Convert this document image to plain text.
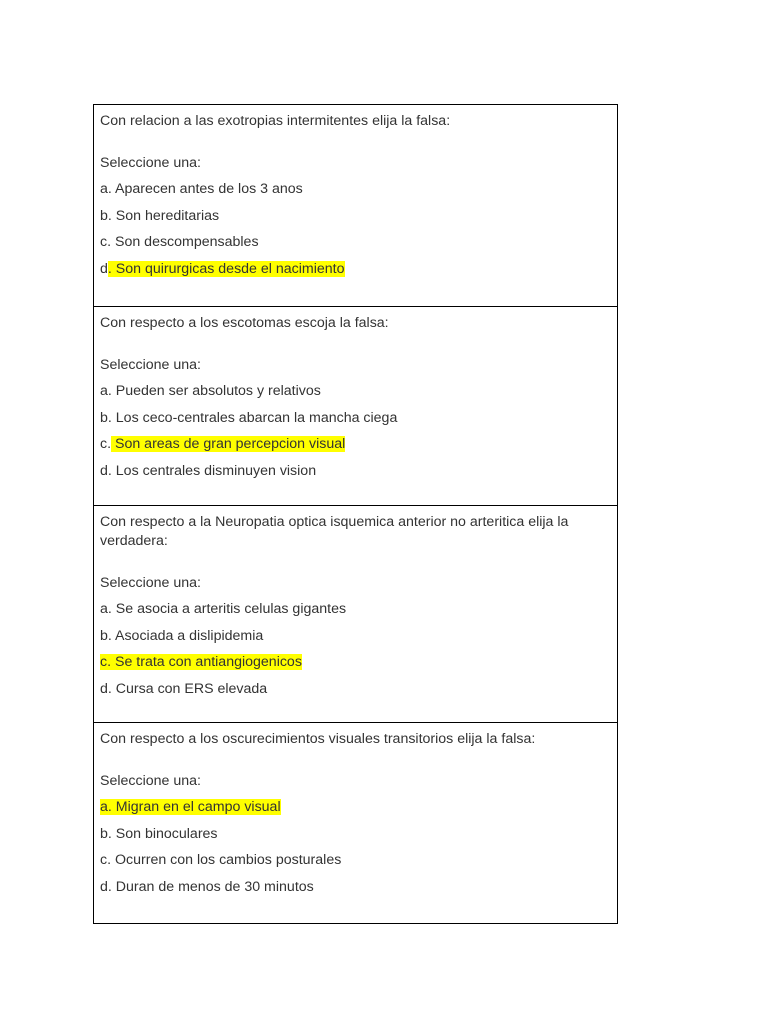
Con relacion a las exotropias intermitentes elija la falsa:

Seleccione una:
a. Aparecen antes de los 3 anos
b. Son hereditarias
c. Son descompensables
d. Son quirurgicas desde el nacimiento

Con respecto a los escotomas escoja la falsa:

Seleccione una:
a. Pueden ser absolutos y relativos
b. Los ceco-centrales abarcan la mancha ciega
c. Son areas de gran percepcion visual
d. Los centrales disminuyen vision

Con respecto a la Neuropatia optica isquemica anterior no arteritica elija la verdadera:

Seleccione una:
a. Se asocia a arteritis celulas gigantes
b. Asociada a dislipidemia
c. Se trata con antiangiogenicos
d. Cursa con ERS elevada

Con respecto a los oscurecimientos visuales transitorios elija la falsa:

Seleccione una:
a. Migran en el campo visual
b. Son binoculares
c. Ocurren con los cambios posturales
d. Duran de menos de 30 minutos
